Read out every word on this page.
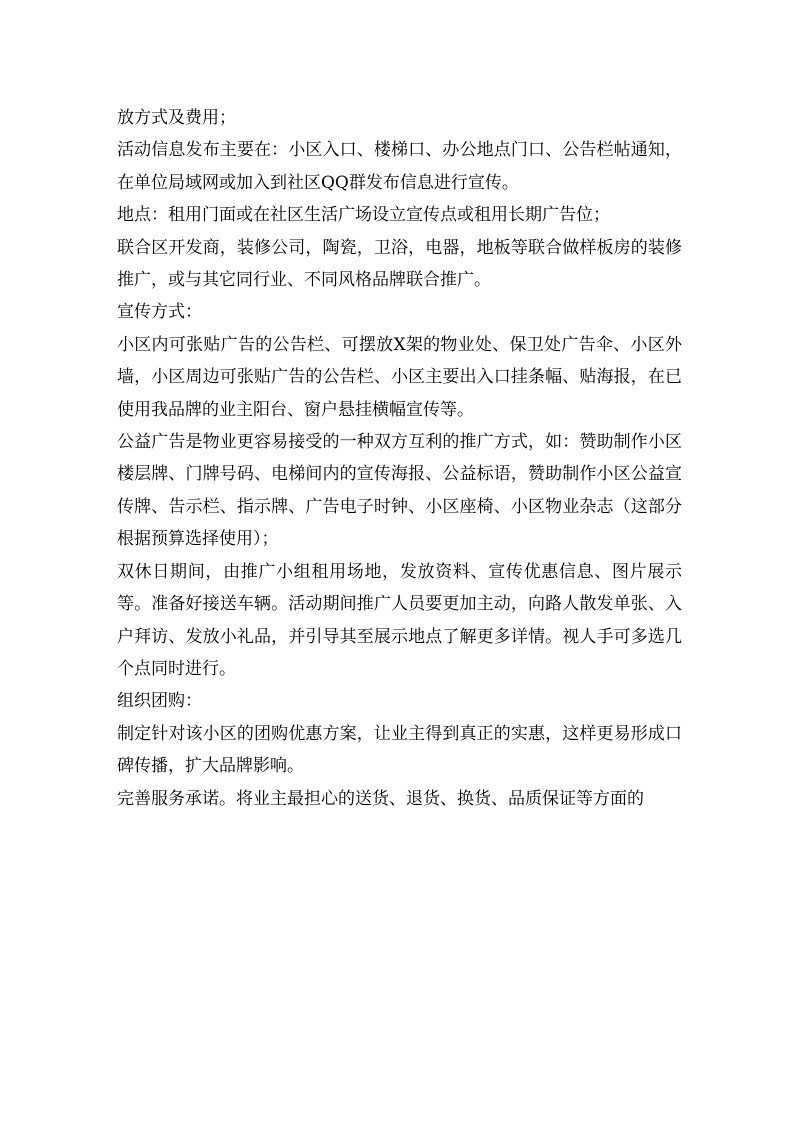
放方式及费用；

活动信息发布主要在：小区入口、楼梯口、办公地点门口、公告栏帖通知，在单位局域网或加入到社区QQ群发布信息进行宣传。

地点：租用门面或在社区生活广场设立宣传点或租用长期广告位；

联合区开发商，装修公司，陶瓷，卫浴，电器，地板等联合做样板房的装修推广，或与其它同行业、不同风格品牌联合推广。

宣传方式：

小区内可张贴广告的公告栏、可摆放X架的物业处、保卫处广告伞、小区外墙，小区周边可张贴广告的公告栏、小区主要出入口挂条幅、贴海报，在已使用我品牌的业主阳台、窗户悬挂横幅宣传等。

公益广告是物业更容易接受的一种双方互利的推广方式，如：赞助制作小区楼层牌、门牌号码、电梯间内的宣传海报、公益标语，赞助制作小区公益宣传牌、告示栏、指示牌、广告电子时钟、小区座椅、小区物业杂志（这部分根据预算选择使用）；

双休日期间，由推广小组租用场地，发放资料、宣传优惠信息、图片展示等。准备好接送车辆。活动期间推广人员要更加主动，向路人散发单张、入户拜访、发放小礼品，并引导其至展示地点了解更多详情。视人手可多选几个点同时进行。

组织团购：

制定针对该小区的团购优惠方案，让业主得到真正的实惠，这样更易形成口碑传播，扩大品牌影响。

完善服务承诺。将业主最担心的送货、退货、换货、品质保证等方面的
